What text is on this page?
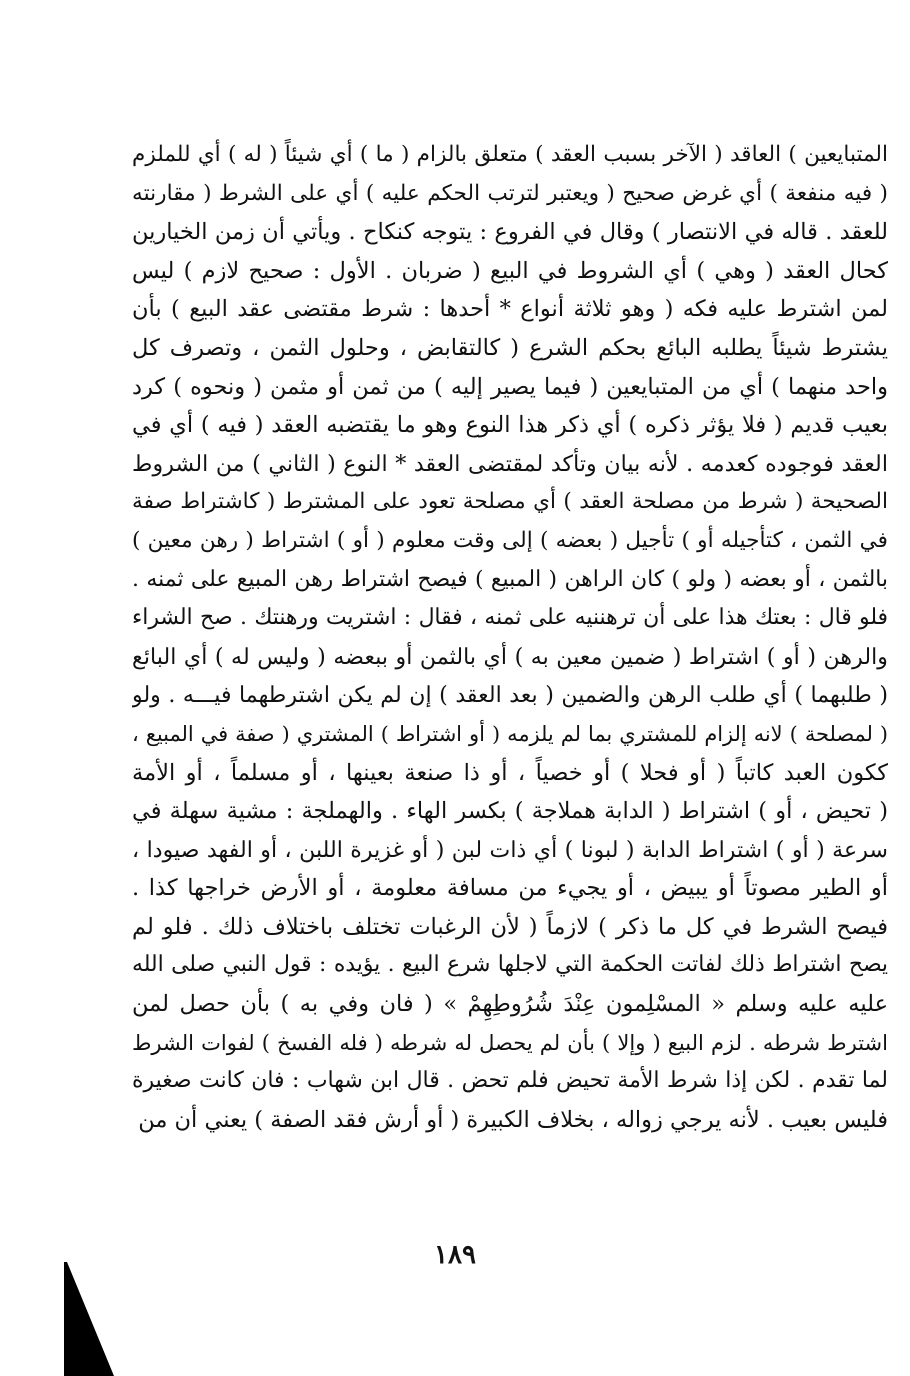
المتبايعين ) العاقد ( الآخر بسبب العقد ) متعلق بالزام ( ما ) أي شيئاً ( له ) أي للملزم
( فيه منفعة ) أي غرض صحيح ( ويعتبر لترتب الحكم عليه ) أي على الشرط ( مقارنته
للعقد . قاله في الانتصار ) وقال في الفروع : يتوجه كنكاح . ويأتي أن زمن الخيارين
كحال العقد ( وهي ) أي الشروط في البيع ( ضربان . الأول : صحيح لازم ) ليس
لمن اشترط عليه فكه ( وهو ثلاثة أنواع * أحدها : شرط مقتضى عقد البيع ) بأن
يشترط شيئاً يطلبه البائع بحكم الشرع ( كالتقابض ، وحلول الثمن ، وتصرف كل
واحد منهما ) أي من المتبايعين ( فيما يصير إليه ) من ثمن أو مثمن ( ونحوه ) كرد
بعيب قديم ( فلا يؤثر ذكره ) أي ذكر هذا النوع وهو ما يقتضبه العقد ( فيه ) أي في
العقد فوجوده كعدمه . لأنه بيان وتأكد لمقتضى العقد * النوع ( الثاني ) من الشروط
الصحيحة ( شرط من مصلحة العقد ) أي مصلحة تعود على المشترط ( كاشتراط صفة
في الثمن ، كتأجيله أو ) تأجيل ( بعضه ) إلى وقت معلوم ( أو ) اشتراط ( رهن معين )
بالثمن ، أو بعضه ( ولو ) كان الراهن ( المبيع ) فيصح اشتراط رهن المبيع على ثمنه .
فلو قال : بعتك هذا على أن ترهننيه على ثمنه ، فقال : اشتريت ورهنتك . صح الشراء
والرهن ( أو ) اشتراط ( ضمين معين به ) أي بالثمن أو ببعضه ( وليس له ) أي البائع
( طلبهما ) أي طلب الرهن والضمين ( بعد العقد ) إن لم يكن اشترطهما فيـــه . ولو
( لمصلحة ) لانه إلزام للمشتري بما لم يلزمه ( أو اشتراط ) المشتري ( صفة في المبيع ،
ككون العبد كاتباً ( أو فحلا ) أو خصياً ، أو ذا صنعة بعينها ، أو مسلماً ، أو الأمة
( تحيض ، أو ) اشتراط ( الدابة هملاجة ) بكسر الهاء . والهملجة : مشية سهلة في
سرعة ( أو ) اشتراط الدابة ( لبونا ) أي ذات لبن ( أو غزيرة اللبن ، أو الفهد صيودا ،
أو الطير مصوتاً أو يبيض ، أو يجيء من مسافة معلومة ، أو الأرض خراجها كذا .
فيصح الشرط في كل ما ذكر ) لازماً ( لأن الرغبات تختلف باختلاف ذلك . فلو لم
يصح اشتراط ذلك لفاتت الحكمة التي لاجلها شرع البيع . يؤيده : قول النبي صلى الله
عليه عليه وسلم « المسْلِمون عِنْدَ شُرُوطِهِمْ » ( فان وفي به ) بأن حصل لمن
اشترط شرطه . لزم البيع ( وإلا ) بأن لم يحصل له شرطه ( فله الفسخ ) لفوات الشرط
لما تقدم . لكن إذا شرط الأمة تحيض فلم تحض . قال ابن شهاب : فان كانت صغيرة
فليس بعيب . لأنه يرجي زواله ، بخلاف الكبيرة ( أو أرش فقد الصفة ) يعني أن من
١٨٩
